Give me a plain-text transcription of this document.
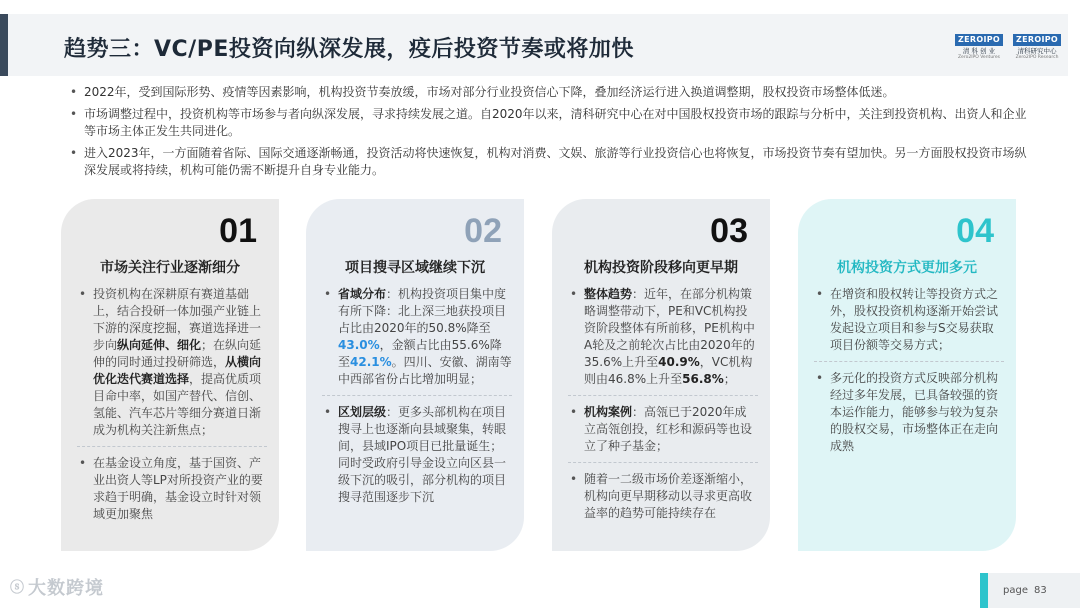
趋势三：VC/PE投资向纵深发展，疫后投资节奏或将加快	ZEROIPO
清 科 创 业
Zero2IPO Ventures
ZEROIPO
清科研究中心
Zero2IPO Research
• 2022年，受到国际形势、疫情等因素影响，机构投资节奏放缓，市场对部分行业投资信心下降，叠加经济运行进入换道调整期，股权投资市场整体低迷。
• 市场调整过程中，投资机构等市场参与者向纵深发展，寻求持续发展之道。自2020年以来，清科研究中心在对中国股权投资市场的跟踪与分析中，关注到投资机构、出资人和企业等市场主体正发生共同进化。
• 进入2023年，一方面随着省际、国际交通逐渐畅通，投资活动将快速恢复，机构对消费、文娱、旅游等行业投资信心也将恢复，市场投资节奏有望加快。另一方面股权投资市场纵深发展或将持续，机构可能仍需不断提升自身专业能力。
01
市场关注行业逐渐细分
• 投资机构在深耕原有赛道基础上，结合投研一体加强产业链上下游的深度挖掘，赛道选择进一步向纵向延伸、细化；在纵向延伸的同时通过投研筛选，从横向优化迭代赛道选择，提高优质项目命中率，如国产替代、信创、氢能、汽车芯片等细分赛道日渐成为机构关注新焦点；
• 在基金设立角度，基于国资、产业出资人等LP对所投资产业的要求趋于明确，基金设立时针对领域更加聚焦
02
项目搜寻区域继续下沉
• 省域分布：机构投资项目集中度有所下降：北上深三地获投项目占比由2020年的50.8%降至43.0%，金额占比由55.6%降至42.1%。四川、安徽、湖南等中西部省份占比增加明显；
• 区划层级：更多头部机构在项目搜寻上也逐渐向县域聚集，转眼间，县域IPO项目已批量诞生；同时受政府引导金设立向区县一级下沉的吸引，部分机构的项目搜寻范围逐步下沉
03
机构投资阶段移向更早期
• 整体趋势：近年，在部分机构策略调整带动下，PE和VC机构投资阶段整体有所前移，PE机构中A轮及之前轮次占比由2020年的35.6%上升至40.9%，VC机构则由46.8%上升至56.8%；
• 机构案例：高瓴已于2020年成立高瓴创投，红杉和源码等也设立了种子基金；
• 随着一二级市场价差逐渐缩小，机构向更早期移动以寻求更高收益率的趋势可能持续存在
04
机构投资方式更加多元
• 在增资和股权转让等投资方式之外，股权投资机构逐渐开始尝试发起设立项目和参与S交易获取项目份额等交易方式；
• 多元化的投资方式反映部分机构经过多年发展，已具备较强的资本运作能力，能够参与较为复杂的股权交易，市场整体正在走向成熟
ⓢ 大数跨境	page 83
